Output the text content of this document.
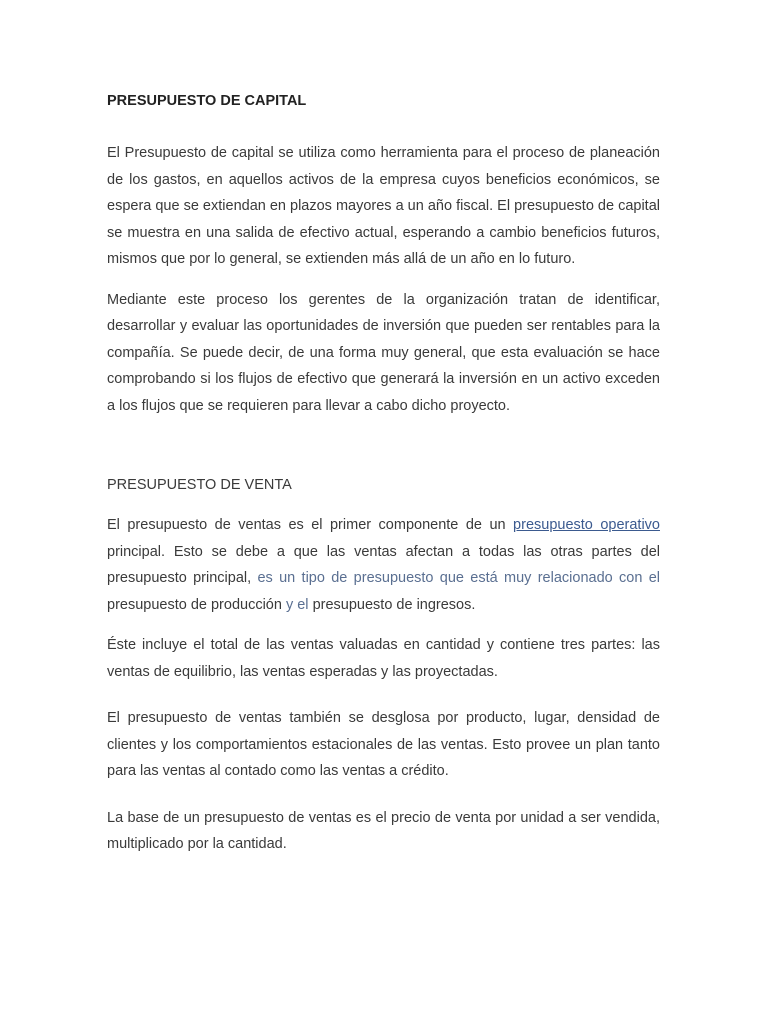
PRESUPUESTO DE CAPITAL

El Presupuesto de capital se utiliza como herramienta para el proceso de planeación de los gastos, en aquellos activos de la empresa cuyos beneficios económicos, se espera que se extiendan en plazos mayores a un año fiscal. El presupuesto de capital se muestra en una salida de efectivo actual, esperando a cambio beneficios futuros, mismos que por lo general, se extienden más allá de un año en lo futuro.

Mediante este proceso los gerentes de la organización tratan de identificar, desarrollar y evaluar las oportunidades de inversión que pueden ser rentables para la compañía. Se puede decir, de una forma muy general, que esta evaluación se hace comprobando si los flujos de efectivo que generará la inversión en un activo exceden a los flujos que se requieren para llevar a cabo dicho proyecto.

PRESUPUESTO DE VENTA

El presupuesto de ventas es el primer componente de un presupuesto operativo principal. Esto se debe a que las ventas afectan a todas las otras partes del presupuesto principal, es un tipo de presupuesto que está muy relacionado con el presupuesto de producción y el presupuesto de ingresos.

Éste incluye el total de las ventas valuadas en cantidad y contiene tres partes: las ventas de equilibrio, las ventas esperadas y las proyectadas.

El presupuesto de ventas también se desglosa por producto, lugar, densidad de clientes y los comportamientos estacionales de las ventas. Esto provee un plan tanto para las ventas al contado como las ventas a crédito.

La base de un presupuesto de ventas es el precio de venta por unidad a ser vendida, multiplicado por la cantidad.
